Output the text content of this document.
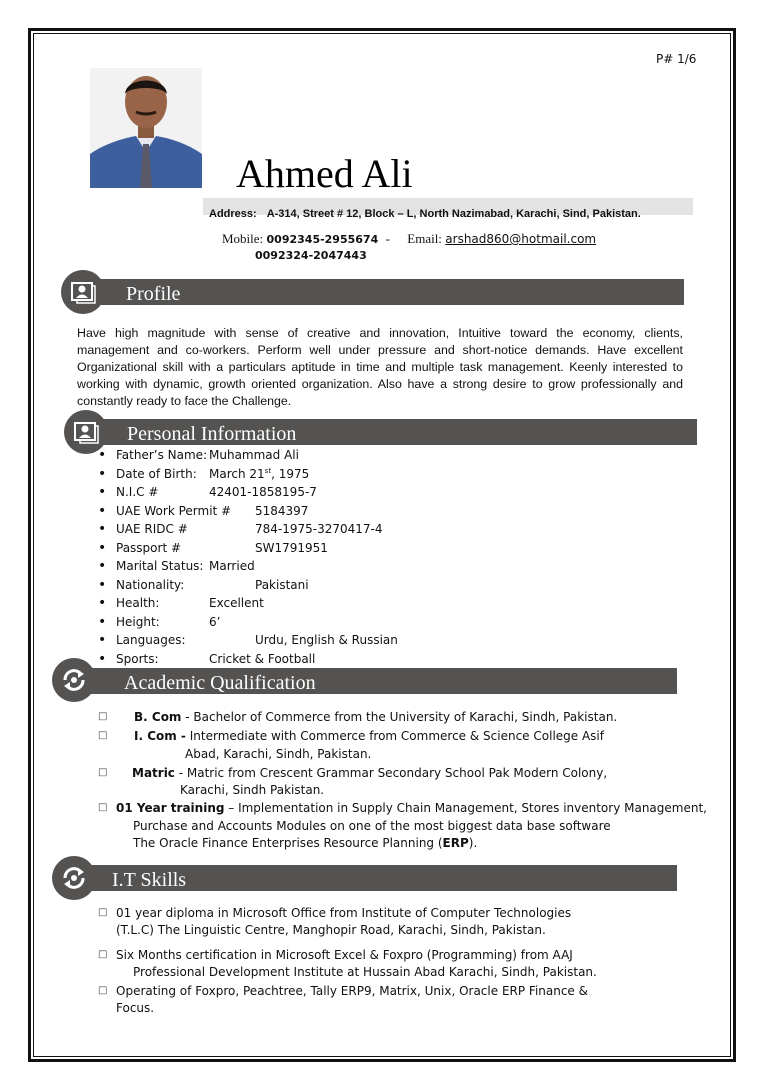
P# 1/6
Ahmed Ali
Address: A-314, Street # 12, Block – L, North Nazimabad, Karachi, Sind, Pakistan.
Mobile: 0092345-2955674 - Email: arshad860@hotmail.com
0092324-2047443
Profile
Have high magnitude with sense of creative and innovation, Intuitive toward the economy, clients, management and co-workers. Perform well under pressure and short-notice demands. Have excellent Organizational skill with a particulars aptitude in time and multiple task management. Keenly interested to working with dynamic, growth oriented organization. Also have a strong desire to grow professionally and constantly ready to face the Challenge.
Personal Information
Father’s Name: Muhammad Ali
Date of Birth: March 21st, 1975
N.I.C #	42401-1858195-7
UAE Work Permit # 5184397
UAE RIDC #	784-1975-3270417-4
Passport #	SW1791951
Marital Status: Married
Nationality:	Pakistani
Health:	Excellent
Height:	6’
Languages:	Urdu, English & Russian
Sports:	Cricket & Football
Academic Qualification
□ B. Com - Bachelor of Commerce from the University of Karachi, Sindh, Pakistan.
□ I. Com - Intermediate with Commerce from Commerce & Science College Asif
Abad, Karachi, Sindh, Pakistan.
□ Matric - Matric from Crescent Grammar Secondary School Pak Modern Colony,
Karachi, Sindh Pakistan.
□ 01 Year training – Implementation in Supply Chain Management, Stores inventory Management,
Purchase and Accounts Modules on one of the most biggest data base software
The Oracle Finance Enterprises Resource Planning (ERP).
I.T Skills
□ 01 year diploma in Microsoft Office from Institute of Computer Technologies
(T.L.C) The Linguistic Centre, Manghopir Road, Karachi, Sindh, Pakistan.
□ Six Months certification in Microsoft Excel & Foxpro (Programming) from AAJ
Professional Development Institute at Hussain Abad Karachi, Sindh, Pakistan.
□ Operating of Foxpro, Peachtree, Tally ERP9, Matrix, Unix, Oracle ERP Finance &
Focus.
